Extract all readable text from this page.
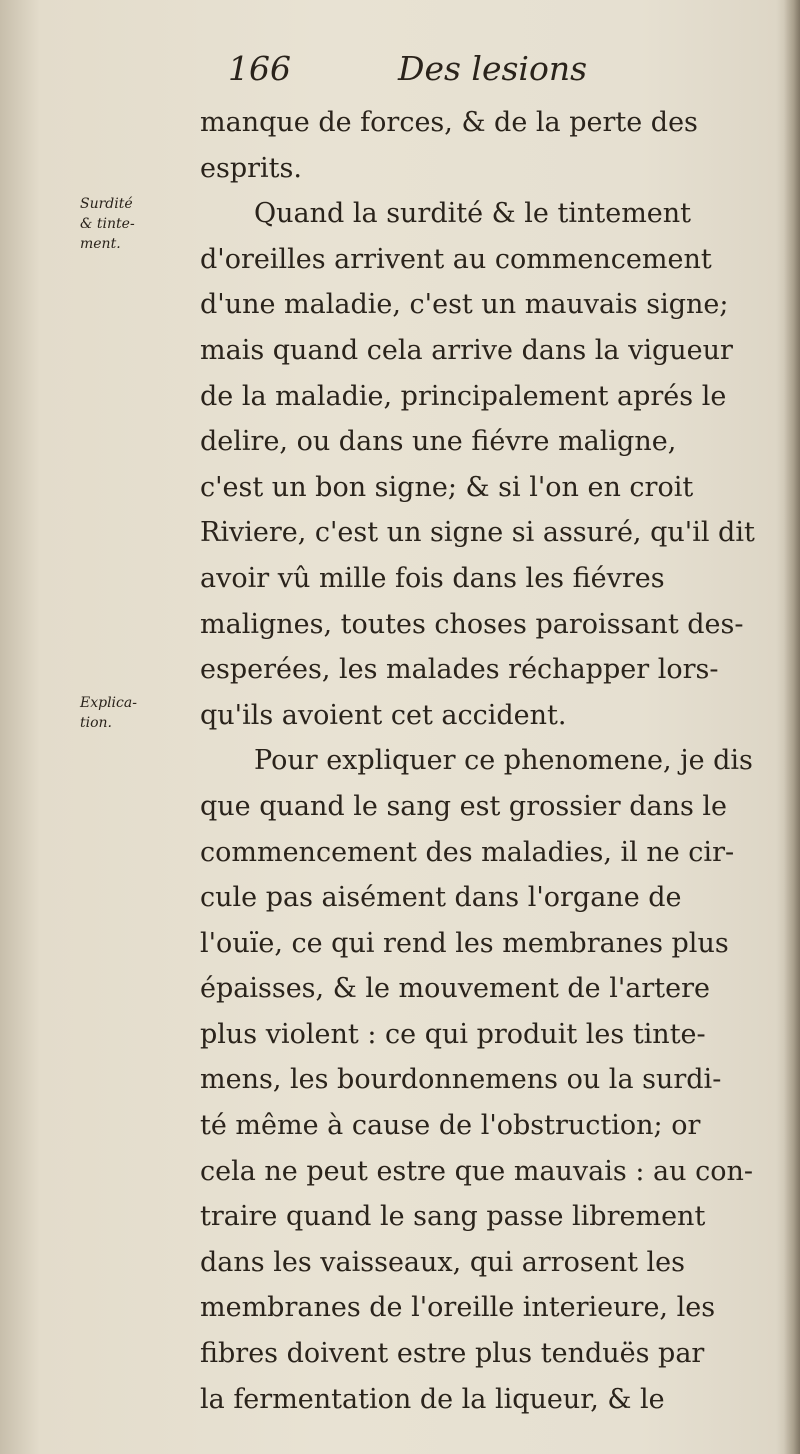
166	Des lesions
Surdité
& tinte-
ment.
Explica-
tion.
manque de forces, & de la perte des
esprits.
Quand la surdité & le tintement
d'oreilles arrivent au commencement
d'une maladie, c'est un mauvais signe;
mais quand cela arrive dans la vigueur
de la maladie, principalement aprés le
delire, ou dans une fiévre maligne,
c'est un bon signe; & si l'on en croit
Riviere, c'est un signe si assuré, qu'il dit
avoir vû mille fois dans les fiévres
malignes, toutes choses paroissant des-
esperées, les malades réchapper lors-
qu'ils avoient cet accident.
Pour expliquer ce phenomene, je dis
que quand le sang est grossier dans le
commencement des maladies, il ne cir-
cule pas aisément dans l'organe de
l'ouïe, ce qui rend les membranes plus
épaisses, & le mouvement de l'artere
plus violent : ce qui produit les tinte-
mens, les bourdonnemens ou la surdi-
té même à cause de l'obstruction; or
cela ne peut estre que mauvais : au con-
traire quand le sang passe librement
dans les vaisseaux, qui arrosent les
membranes de l'oreille interieure, les
fibres doivent estre plus tenduës par
la fermentation de la liqueur, & le
